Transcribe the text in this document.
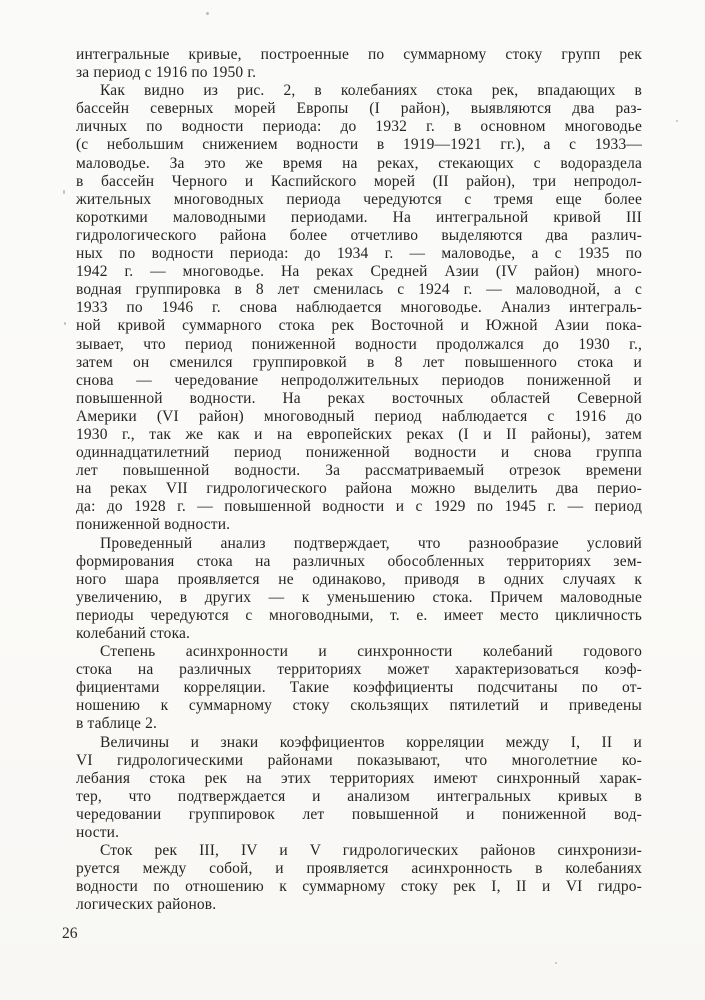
интегральные кривые, построенные по суммарному стоку групп рек
за период с 1916 по 1950 г.
Как видно из рис. 2, в колебаниях стока рек, впадающих в
бассейн северных морей Европы (I район), выявляются два раз-
личных по водности периода: до 1932 г. в основном многоводье
(с небольшим снижением водности в 1919—1921 гг.), а с 1933—
маловодье. За это же время на реках, стекающих с водораздела
в бассейн Черного и Каспийского морей (II район), три непродол-
жительных многоводных периода чередуются с тремя еще более
короткими маловодными периодами. На интегральной кривой III
гидрологического района более отчетливо выделяются два различ-
ных по водности периода: до 1934 г. — маловодье, а с 1935 по
1942 г. — многоводье. На реках Средней Азии (IV район) много-
водная группировка в 8 лет сменилась с 1924 г. — маловодной, а с
1933 по 1946 г. снова наблюдается многоводье. Анализ интеграль-
ной кривой суммарного стока рек Восточной и Южной Азии пока-
зывает, что период пониженной водности продолжался до 1930 г.,
затем он сменился группировкой в 8 лет повышенного стока и
снова — чередование непродолжительных периодов пониженной и
повышенной водности. На реках восточных областей Северной
Америки (VI район) многоводный период наблюдается с 1916 до
1930 г., так же как и на европейских реках (I и II районы), затем
одиннадцатилетний период пониженной водности и снова группа
лет повышенной водности. За рассматриваемый отрезок времени
на реках VII гидрологического района можно выделить два перио-
да: до 1928 г. — повышенной водности и с 1929 по 1945 г. — период
пониженной водности.
Проведенный анализ подтверждает, что разнообразие условий
формирования стока на различных обособленных территориях зем-
ного шара проявляется не одинаково, приводя в одних случаях к
увеличению, в других — к уменьшению стока. Причем маловодные
периоды чередуются с многоводными, т. е. имеет место цикличность
колебаний стока.
Степень асинхронности и синхронности колебаний годового
стока на различных территориях может характеризоваться коэф-
фициентами корреляции. Такие коэффициенты подсчитаны по от-
ношению к суммарному стоку скользящих пятилетий и приведены
в таблице 2.
Величины и знаки коэффициентов корреляции между I, II и
VI гидрологическими районами показывают, что многолетние ко-
лебания стока рек на этих территориях имеют синхронный харак-
тер, что подтверждается и анализом интегральных кривых в
чередовании группировок лет повышенной и пониженной вод-
ности.
Сток рек III, IV и V гидрологических районов синхронизи-
руется между собой, и проявляется асинхронность в колебаниях
водности по отношению к суммарному стоку рек I, II и VI гидро-
логических районов.
26
